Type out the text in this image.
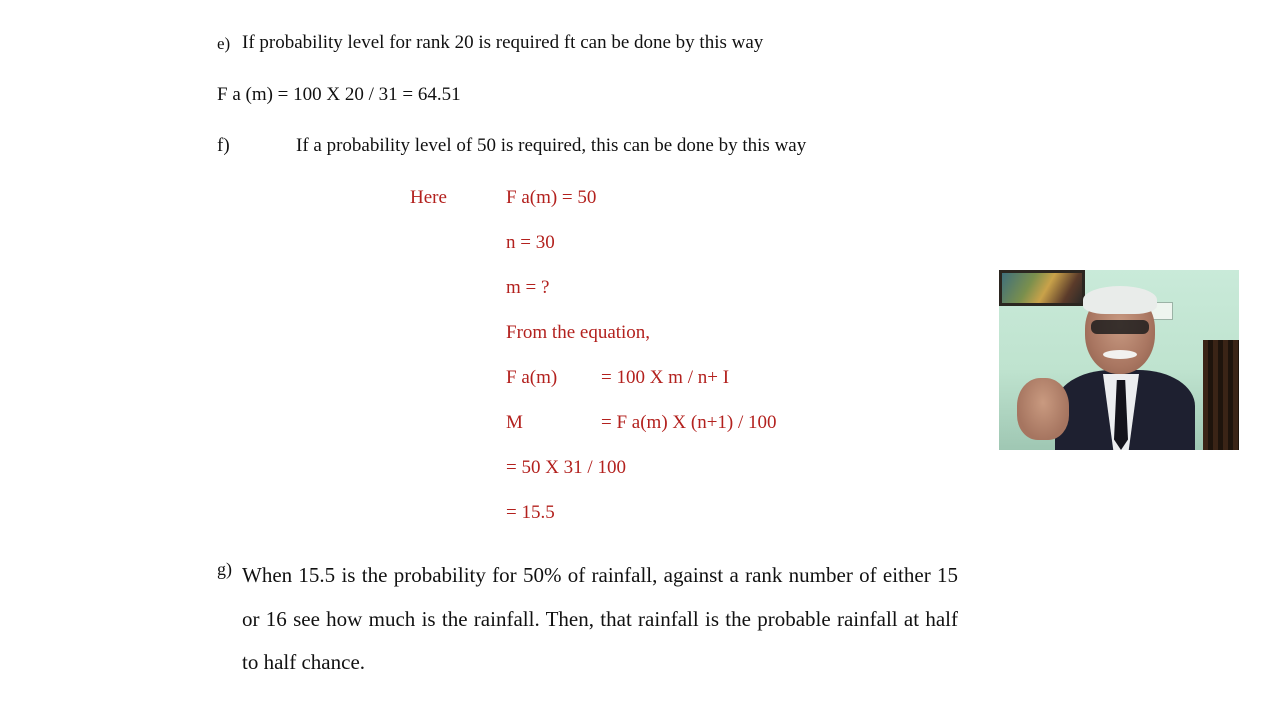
e) If probability level for rank 20 is required ft can be done by this way
F a (m) = 100 X 20 / 31 = 64.51
f)	If a probability level of 50 is required, this can be done by this way
Here	F a(m) = 50
n = 30
m = ?
From the equation,
F a(m) = 100 X m / n+ I
M	= F a(m) X (n+1) / 100
= 50 X 31 / 100
= 15.5
g) When 15.5 is the probability for 50% of rainfall, against a rank number of either 15 or 16 see how much is the rainfall. Then, that rainfall is the probable rainfall at half to half chance.
